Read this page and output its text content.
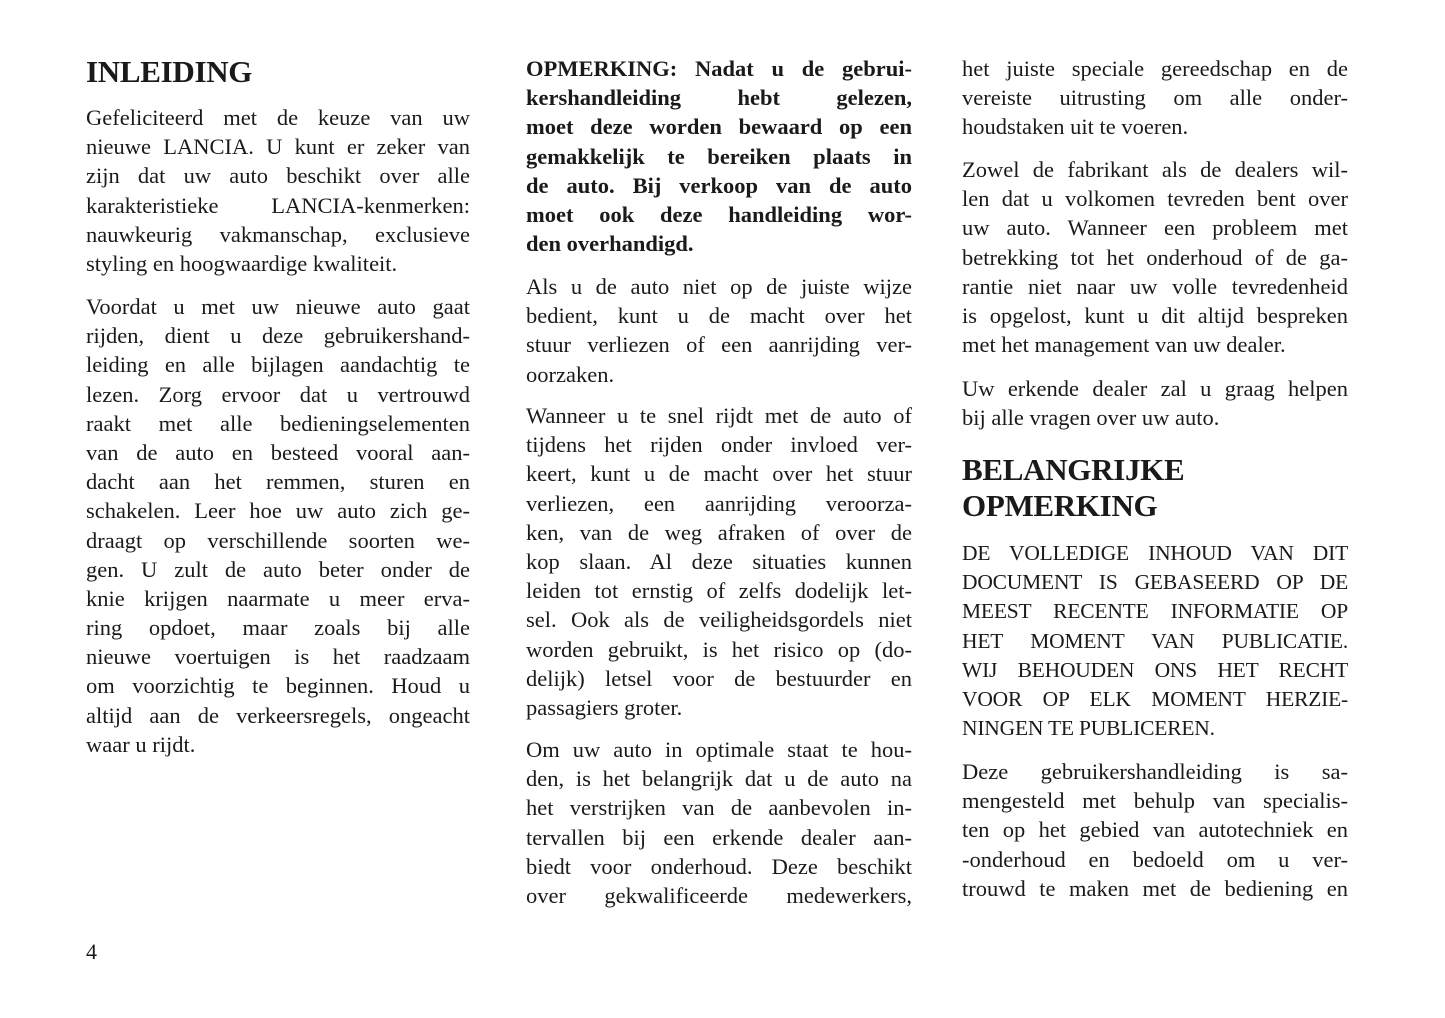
INLEIDING
Gefeliciteerd met de keuze van uw
nieuwe LANCIA. U kunt er zeker van
zijn dat uw auto beschikt over alle
karakteristieke LANCIA-kenmerken:
nauwkeurig vakmanschap, exclusieve
styling en hoogwaardige kwaliteit.
Voordat u met uw nieuwe auto gaat
rijden, dient u deze gebruikershand-
leiding en alle bijlagen aandachtig te
lezen. Zorg ervoor dat u vertrouwd
raakt met alle bedieningselementen
van de auto en besteed vooral aan-
dacht aan het remmen, sturen en
schakelen. Leer hoe uw auto zich ge-
draagt op verschillende soorten we-
gen. U zult de auto beter onder de
knie krijgen naarmate u meer erva-
ring opdoet, maar zoals bij alle
nieuwe voertuigen is het raadzaam
om voorzichtig te beginnen. Houd u
altijd aan de verkeersregels, ongeacht
waar u rijdt.
OPMERKING: Nadat u de gebrui-
kershandleiding hebt gelezen,
moet deze worden bewaard op een
gemakkelijk te bereiken plaats in
de auto. Bij verkoop van de auto
moet ook deze handleiding wor-
den overhandigd.
Als u de auto niet op de juiste wijze
bedient, kunt u de macht over het
stuur verliezen of een aanrijding ver-
oorzaken.
Wanneer u te snel rijdt met de auto of
tijdens het rijden onder invloed ver-
keert, kunt u de macht over het stuur
verliezen, een aanrijding veroorza-
ken, van de weg afraken of over de
kop slaan. Al deze situaties kunnen
leiden tot ernstig of zelfs dodelijk let-
sel. Ook als de veiligheidsgordels niet
worden gebruikt, is het risico op (do-
delijk) letsel voor de bestuurder en
passagiers groter.
Om uw auto in optimale staat te hou-
den, is het belangrijk dat u de auto na
het verstrijken van de aanbevolen in-
tervallen bij een erkende dealer aan-
biedt voor onderhoud. Deze beschikt
over gekwalificeerde medewerkers,
het juiste speciale gereedschap en de
vereiste uitrusting om alle onder-
houdstaken uit te voeren.
Zowel de fabrikant als de dealers wil-
len dat u volkomen tevreden bent over
uw auto. Wanneer een probleem met
betrekking tot het onderhoud of de ga-
rantie niet naar uw volle tevredenheid
is opgelost, kunt u dit altijd bespreken
met het management van uw dealer.
Uw erkende dealer zal u graag helpen
bij alle vragen over uw auto.
BELANGRIJKE
OPMERKING
DE VOLLEDIGE INHOUD VAN DIT
DOCUMENT IS GEBASEERD OP DE
MEEST RECENTE INFORMATIE OP
HET MOMENT VAN PUBLICATIE.
WIJ BEHOUDEN ONS HET RECHT
VOOR OP ELK MOMENT HERZIE-
NINGEN TE PUBLICEREN.
Deze gebruikershandleiding is sa-
mengesteld met behulp van specialis-
ten op het gebied van autotechniek en
-onderhoud en bedoeld om u ver-
trouwd te maken met de bediening en
4
